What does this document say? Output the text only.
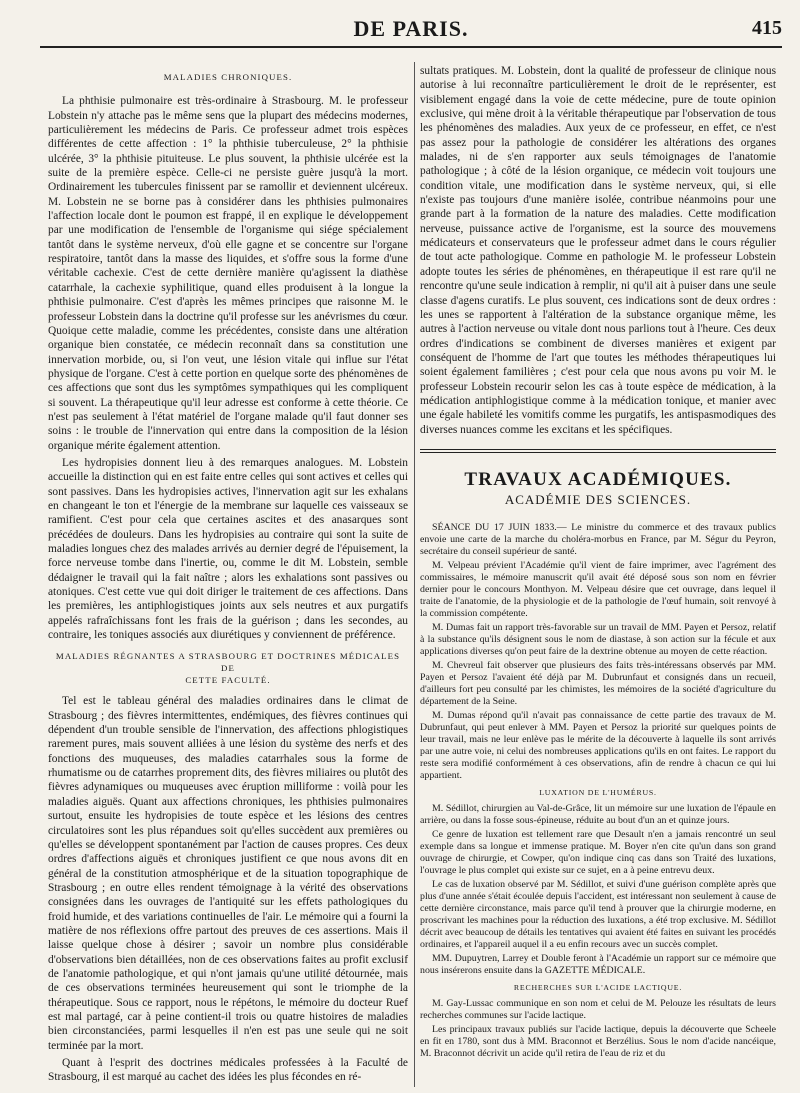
DE PARIS.	415
MALADIES CHRONIQUES.

La phthisie pulmonaire est très-ordinaire à Strasbourg. M. le professeur Lobstein n'y attache pas le même sens que la plupart des médecins modernes, particulièrement les médecins de Paris. Ce professeur admet trois espèces différentes de cette affection : 1° la phthisie tuberculeuse, 2° la phthisie ulcérée, 3° la phthisie pituiteuse. Le plus souvent, la phthisie ulcérée est la suite de la première espèce. Celle-ci ne persiste guère jusqu'à la mort. Ordinairement les tubercules finissent par se ramollir et deviennent ulcéreux. M. Lobstein ne se borne pas à considérer dans les phthisies pulmonaires l'affection locale dont le poumon est frappé, il en explique le développement par une modification de l'ensemble de l'organisme qui siége spécialement tantôt dans le système nerveux, d'où elle gagne et se concentre sur l'organe respiratoire, tantôt dans la masse des liquides, et s'offre sous la forme d'une véritable cachexie. C'est de cette dernière manière qu'agissent la diathèse catarrhale, la cachexie syphilitique, quand elles produisent à la longue la phthisie pulmonaire. C'est d'après les mêmes principes que raisonne M. le professeur Lobstein dans la doctrine qu'il professe sur les anévrismes du cœur. Quoique cette maladie, comme les précédentes, consiste dans une altération organique bien constatée, ce médecin reconnaît dans sa constitution une innervation morbide, ou, si l'on veut, une lésion vitale qui influe sur l'état physique de l'organe. C'est à cette portion en quelque sorte des phénomènes de ces affections que sont dus les symptômes sympathiques qui les compliquent si souvent. La thérapeutique qu'il leur adresse est conforme à cette théorie. Ce n'est pas seulement à l'état matériel de l'organe malade qu'il faut donner ses soins : le trouble de l'innervation qui entre dans la composition de la lésion organique mérite également attention.

Les hydropisies donnent lieu à des remarques analogues. M. Lobstein accueille la distinction qui en est faite entre celles qui sont actives et celles qui sont passives. Dans les hydropisies actives, l'innervation agit sur les exhalans en changeant le ton et l'énergie de la membrane sur laquelle ces vaisseaux se ramifient. C'est pour cela que certaines ascites et des anasarques sont précédées de douleurs. Dans les hydropisies au contraire qui sont la suite de maladies longues chez des malades arrivés au dernier degré de l'épuisement, la force nerveuse tombe dans l'inertie, ou, comme le dit M. Lobstein, semble dédaigner le travail qui la fait naître ; alors les exhalations sont passives ou atoniques. C'est cette vue qui doit diriger le traitement de ces affections. Dans les premières, les antiphlogistiques joints aux sels neutres et aux purgatifs appelés rafraîchissans font les frais de la guérison ; dans les secondes, au contraire, les toniques associés aux diurétiques y conviennent de préférence.

MALADIES RÉGNANTES A STRASBOURG ET DOCTRINES MÉDICALES DE
CETTE FACULTÉ.

Tel est le tableau général des maladies ordinaires dans le climat de Strasbourg ; des fièvres intermittentes, endémiques, des fièvres continues qui dépendent d'un trouble sensible de l'innervation, des affections phlogistiques rarement pures, mais souvent alliées à une lésion du système des nerfs et des fonctions des muqueuses, des maladies catarrhales sous la forme de rhumatisme ou de catarrhes proprement dits, des fièvres miliaires ou plutôt des fièvres adynamiques ou muqueuses avec éruption milliforme : voilà pour les maladies aiguës. Quant aux affections chroniques, les phthisies pulmonaires surtout, ensuite les hydropisies de toute espèce et les lésions des centres circulatoires sont les plus répandues soit qu'elles succèdent aux premières ou qu'elles se développent spontanément par l'action de causes propres. Ces deux ordres d'affections aiguës et chroniques justifient ce que nous avons dit en général de la constitution atmosphérique et de la situation topographique de Strasbourg ; en outre elles rendent témoignage à la vérité des observations consignées dans les ouvrages de l'antiquité sur les effets pathologiques du froid humide, et des variations continuelles de l'air. Le mémoire qui a fourni la matière de nos réflexions offre partout des preuves de ces assertions. Mais il laisse quelque chose à désirer ; savoir un nombre plus considérable d'observations bien détaillées, non de ces observations faites au profit exclusif de l'anatomie pathologique, et qui n'ont jamais qu'une utilité détournée, mais de ces observations terminées heureusement qui sont le triomphe de la thérapeutique. Sous ce rapport, nous le répétons, le mémoire du docteur Ruef est mal partagé, car à peine contient-il trois ou quatre histoires de maladies bien circonstanciées, parmi lesquelles il n'en est pas une seule qui ne soit terminée par la mort.

Quant à l'esprit des doctrines médicales professées à la Faculté de Strasbourg, il est marqué au cachet des idées les plus fécondes en ré-

sultats pratiques. M. Lobstein, dont la qualité de professeur de clinique nous autorise à lui reconnaître particulièrement le droit de le représenter, est visiblement engagé dans la voie de cette médecine, pure de toute opinion exclusive, qui mène droit à la véritable thérapeutique par l'observation de tous les phénomènes des maladies. Aux yeux de ce professeur, en effet, ce n'est pas assez pour la pathologie de considérer les altérations des organes malades, ni de s'en rapporter aux seuls témoignages de l'anatomie pathologique ; à côté de la lésion organique, ce médecin voit toujours une condition vitale, une modification dans le système nerveux, qui, si elle n'existe pas toujours d'une manière isolée, contribue néanmoins pour une grande part à la formation de la nature des maladies. Cette modification nerveuse, puissance active de l'organisme, est la source des mouvemens médicateurs et conservateurs que le professeur admet dans le cours régulier de tout acte pathologique. Comme en pathologie M. le professeur Lobstein adopte toutes les séries de phénomènes, en thérapeutique il est rare qu'il ne rencontre qu'une seule indication à remplir, ni qu'il ait à puiser dans une seule classe d'agens curatifs. Le plus souvent, ces indications sont de deux ordres : les unes se rapportent à l'altération de la substance organique même, les autres à l'action nerveuse ou vitale dont nous parlions tout à l'heure. Ces deux ordres d'indications se combinent de diverses manières et exigent par conséquent de l'homme de l'art que toutes les méthodes thérapeutiques lui soient également familières ; c'est pour cela que nous avons pu voir M. le professeur Lobstein recourir selon les cas à toute espèce de médication, à la médication antiphlogistique comme à la médication tonique, et manier avec une égale habileté les vomitifs comme les purgatifs, les antispasmodiques des diverses nuances comme les excitans et les spécifiques.

TRAVAUX ACADÉMIQUES.
ACADÉMIE DES SCIENCES.

SÉANCE DU 17 JUIN 1833.— Le ministre du commerce et des travaux publics envoie une carte de la marche du choléra-morbus en France, par M. Ségur du Peyron, secrétaire du conseil supérieur de santé.

M. Velpeau prévient l'Académie qu'il vient de faire imprimer, avec l'agrément des commissaires, le mémoire manuscrit qu'il avait été déposé sous son nom en février dernier pour le concours Monthyon. M. Velpeau désire que cet ouvrage, dans lequel il traite de l'anatomie, de la physiologie et de la pathologie de l'œuf humain, soit renvoyé à la commission compétente.

M. Dumas fait un rapport très-favorable sur un travail de MM. Payen et Persoz, relatif à la substance qu'ils désignent sous le nom de diastase, à son action sur la fécule et aux applications diverses qu'on peut faire de la dextrine obtenue au moyen de cette réaction.

M. Chevreul fait observer que plusieurs des faits très-intéressans observés par MM. Payen et Persoz l'avaient été déjà par M. Dubrunfaut et consignés dans un recueil, d'ailleurs fort peu consulté par les chimistes, les mémoires de la société d'agriculture du département de la Seine.

M. Dumas répond qu'il n'avait pas connaissance de cette partie des travaux de M. Dubrunfaut, qui peut enlever à MM. Payen et Persoz la priorité sur quelques points de leur travail, mais ne leur enlève pas le mérite de la découverte à laquelle ils sont arrivés par une autre voie, ni celui des nombreuses applications qu'ils en ont faites. Le rapport du reste sera modifié conformément à ces observations, afin de rendre à chacun ce qui lui appartient.

LUXATION DE L'HUMÉRUS.

M. Sédillot, chirurgien au Val-de-Grâce, lit un mémoire sur une luxation de l'épaule en arrière, ou dans la fosse sous-épineuse, réduite au bout d'un an et quinze jours.

Ce genre de luxation est tellement rare que Desault n'en a jamais rencontré un seul exemple dans sa longue et immense pratique. M. Boyer n'en cite qu'un dans son grand ouvrage de chirurgie, et Cowper, qu'on indique cinq cas dans son Traité des luxations, l'ouvrage le plus complet qui existe sur ce sujet, en a à peine entrevu deux.

Le cas de luxation observé par M. Sédillot, et suivi d'une guérison complète après que plus d'une année s'était écoulée depuis l'accident, est intéressant non seulement à cause de cette dernière circonstance, mais parce qu'il tend à prouver que la chirurgie moderne, en proscrivant les machines pour la réduction des luxations, a été trop exclusive. M. Sédillot décrit avec beaucoup de détails les tentatives qui avaient été faites en suivant les procédés ordinaires, et l'appareil auquel il a eu enfin recours avec un succès complet.

MM. Dupuytren, Larrey et Double feront à l'Académie un rapport sur ce mémoire que nous insérerons ensuite dans la GAZETTE MÉDICALE.

RECHERCHES SUR L'ACIDE LACTIQUE.

M. Gay-Lussac communique en son nom et celui de M. Pelouze les résultats de leurs recherches communes sur l'acide lactique.

Les principaux travaux publiés sur l'acide lactique, depuis la découverte que Scheele en fit en 1780, sont dus à MM. Braconnot et Berzélius. Sous le nom d'acide nancéique, M. Braconnot décrivit un acide qu'il retira de l'eau de riz et du
